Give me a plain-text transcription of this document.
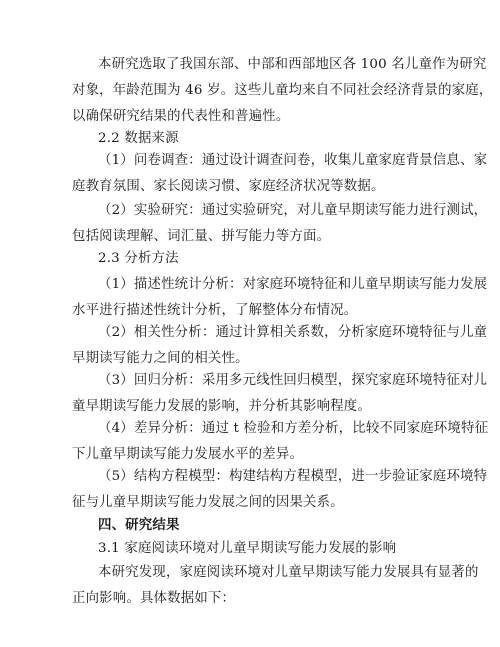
本研究选取了我国东部、中部和西部地区各 100 名儿童作为研究
对象，年龄范围为 46 岁。这些儿童均来自不同社会经济背景的家庭，
以确保研究结果的代表性和普遍性。
2.2 数据来源
（1）问卷调查：通过设计调查问卷，收集儿童家庭背景信息、家
庭教育氛围、家长阅读习惯、家庭经济状况等数据。
（2）实验研究：通过实验研究，对儿童早期读写能力进行测试，
包括阅读理解、词汇量、拼写能力等方面。
2.3 分析方法
（1）描述性统计分析：对家庭环境特征和儿童早期读写能力发展
水平进行描述性统计分析，了解整体分布情况。
（2）相关性分析：通过计算相关系数，分析家庭环境特征与儿童
早期读写能力之间的相关性。
（3）回归分析：采用多元线性回归模型，探究家庭环境特征对儿
童早期读写能力发展的影响，并分析其影响程度。
（4）差异分析：通过 t 检验和方差分析，比较不同家庭环境特征
下儿童早期读写能力发展水平的差异。
（5）结构方程模型：构建结构方程模型，进一步验证家庭环境特
征与儿童早期读写能力发展之间的因果关系。
四、研究结果
3.1 家庭阅读环境对儿童早期读写能力发展的影响
本研究发现，家庭阅读环境对儿童早期读写能力发展具有显著的
正向影响。具体数据如下：
